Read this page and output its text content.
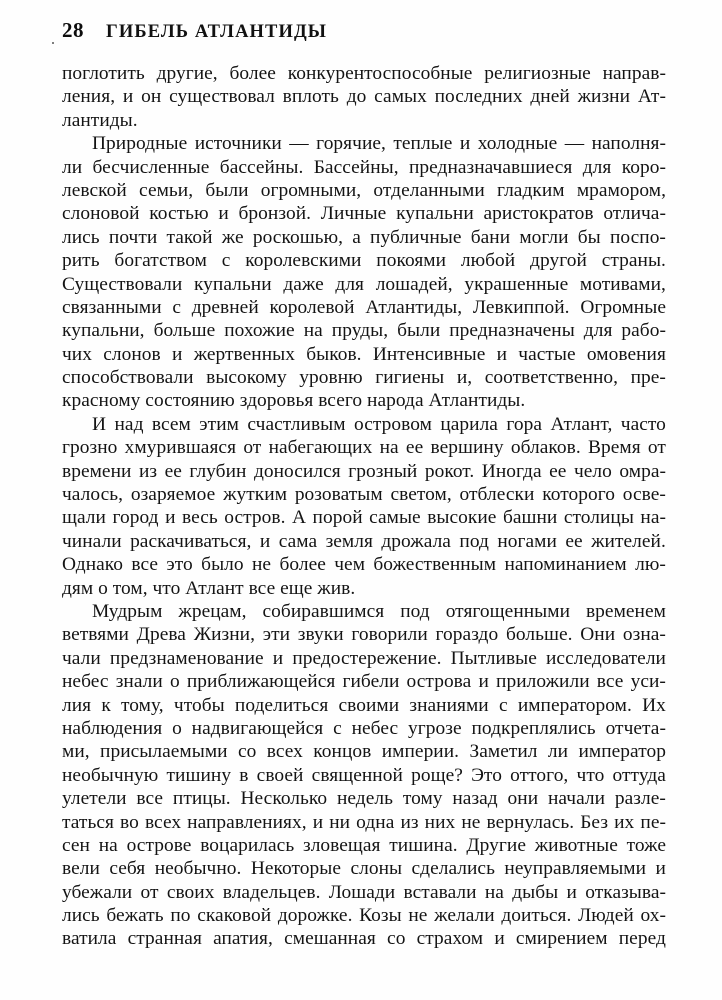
28 ГИБЕЛЬ АТЛАНТИДЫ
поглотить другие, более конкурентоспособные религиозные направ-
ления, и он существовал вплоть до самых последних дней жизни Ат-
лантиды.
Природные источники — горячие, теплые и холодные — наполня-
ли бесчисленные бассейны. Бассейны, предназначавшиеся для коро-
левской семьи, были огромными, отделанными гладким мрамором,
слоновой костью и бронзой. Личные купальни аристократов отлича-
лись почти такой же роскошью, а публичные бани могли бы поспо-
рить богатством с королевскими покоями любой другой страны.
Существовали купальни даже для лошадей, украшенные мотивами,
связанными с древней королевой Атлантиды, Левкиппой. Огромные
купальни, больше похожие на пруды, были предназначены для рабо-
чих слонов и жертвенных быков. Интенсивные и частые омовения
способствовали высокому уровню гигиены и, соответственно, пре-
красному состоянию здоровья всего народа Атлантиды.
И над всем этим счастливым островом царила гора Атлант, часто
грозно хмурившаяся от набегающих на ее вершину облаков. Время от
времени из ее глубин доносился грозный рокот. Иногда ее чело омра-
чалось, озаряемое жутким розоватым светом, отблески которого осве-
щали город и весь остров. А порой самые высокие башни столицы на-
чинали раскачиваться, и сама земля дрожала под ногами ее жителей.
Однако все это было не более чем божественным напоминанием лю-
дям о том, что Атлант все еще жив.
Мудрым жрецам, собиравшимся под отягощенными временем
ветвями Древа Жизни, эти звуки говорили гораздо больше. Они озна-
чали предзнаменование и предостережение. Пытливые исследователи
небес знали о приближающейся гибели острова и приложили все уси-
лия к тому, чтобы поделиться своими знаниями с императором. Их
наблюдения о надвигающейся с небес угрозе подкреплялись отчета-
ми, присылаемыми со всех концов империи. Заметил ли император
необычную тишину в своей священной роще? Это оттого, что оттуда
улетели все птицы. Несколько недель тому назад они начали разле-
таться во всех направлениях, и ни одна из них не вернулась. Без их пе-
сен на острове воцарилась зловещая тишина. Другие животные тоже
вели себя необычно. Некоторые слоны сделались неуправляемыми и
убежали от своих владельцев. Лошади вставали на дыбы и отказыва-
лись бежать по скаковой дорожке. Козы не желали доиться. Людей ох-
ватила странная апатия, смешанная со страхом и смирением перед
